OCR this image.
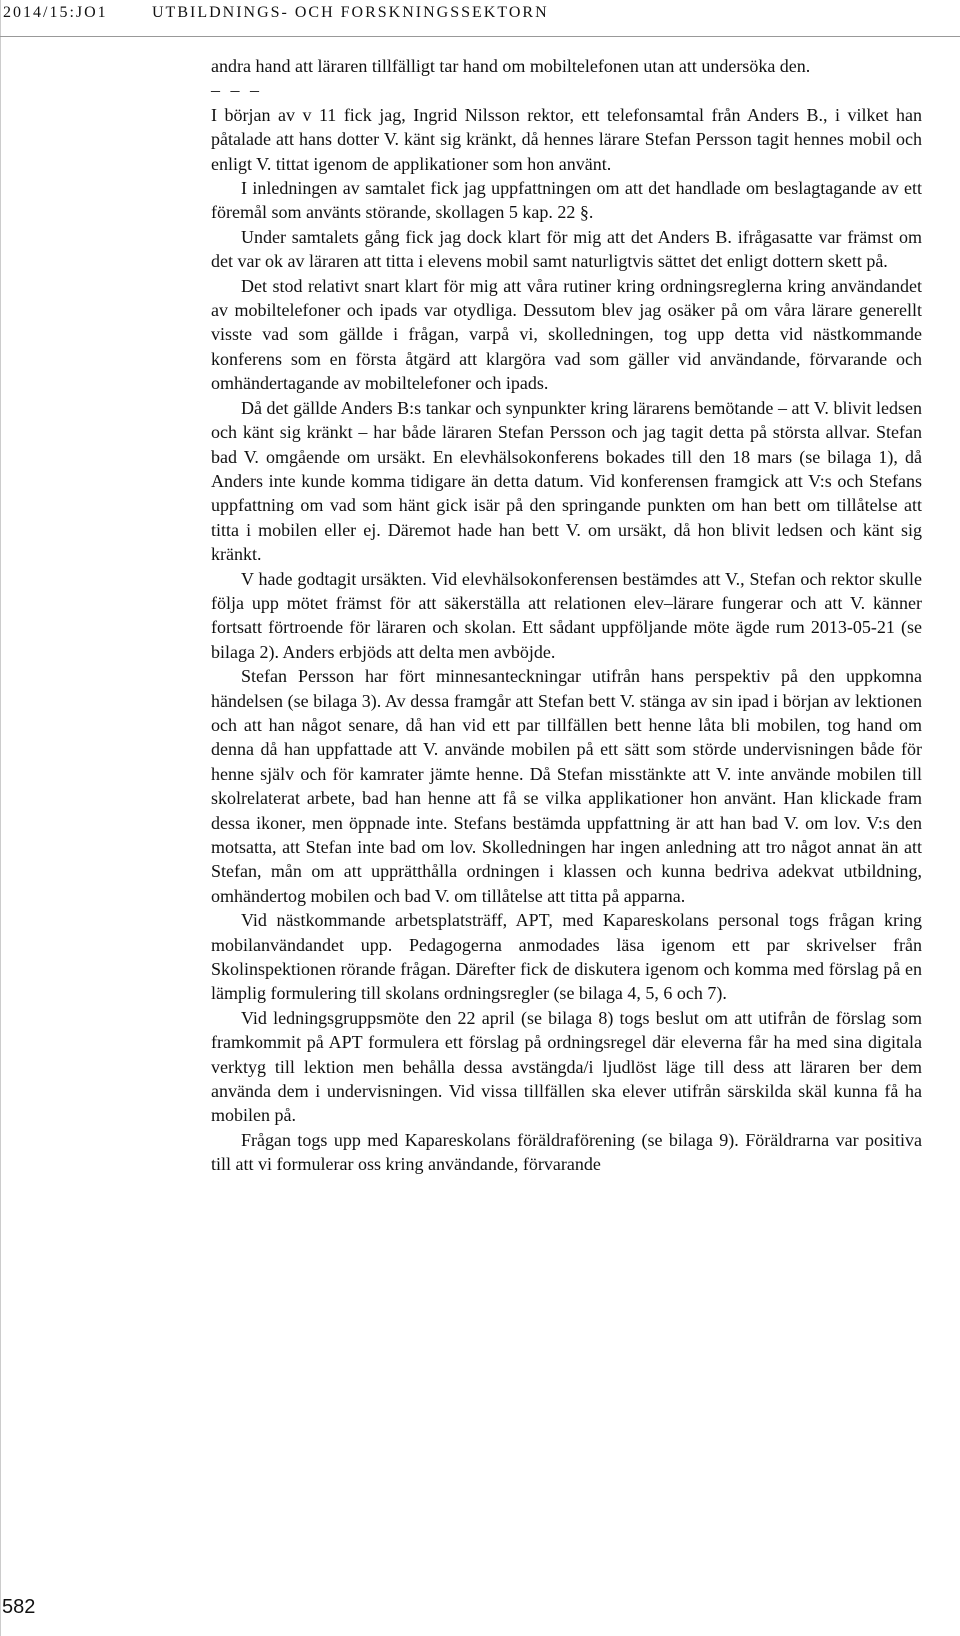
2014/15:JO1	UTBILDNINGS- OCH FORSKNINGSSEKTORN

andra hand att läraren tillfälligt tar hand om mobiltelefonen utan att undersöka den.

– – –

I början av v 11 fick jag, Ingrid Nilsson rektor, ett telefonsamtal från Anders B., i vilket han påtalade att hans dotter V. känt sig kränkt, då hennes lärare Stefan Persson tagit hennes mobil och enligt V. tittat igenom de applikationer som hon använt.

I inledningen av samtalet fick jag uppfattningen om att det handlade om beslagtagande av ett föremål som använts störande, skollagen 5 kap. 22 §.

Under samtalets gång fick jag dock klart för mig att det Anders B. ifrågasatte var främst om det var ok av läraren att titta i elevens mobil samt naturligtvis sättet det enligt dottern skett på.

Det stod relativt snart klart för mig att våra rutiner kring ordningsreglerna kring användandet av mobiltelefoner och ipads var otydliga. Dessutom blev jag osäker på om våra lärare generellt visste vad som gällde i frågan, varpå vi, skolledningen, tog upp detta vid nästkommande konferens som en första åtgärd att klargöra vad som gäller vid användande, förvarande och omhändertagande av mobiltelefoner och ipads.

Då det gällde Anders B:s tankar och synpunkter kring lärarens bemötande – att V. blivit ledsen och känt sig kränkt – har både läraren Stefan Persson och jag tagit detta på största allvar. Stefan bad V. omgående om ursäkt. En elevhälsokonferens bokades till den 18 mars (se bilaga 1), då Anders inte kunde komma tidigare än detta datum. Vid konferensen framgick att V:s och Stefans uppfattning om vad som hänt gick isär på den springande punkten om han bett om tillåtelse att titta i mobilen eller ej. Däremot hade han bett V. om ursäkt, då hon blivit ledsen och känt sig kränkt.

V hade godtagit ursäkten. Vid elevhälsokonferensen bestämdes att V., Stefan och rektor skulle följa upp mötet främst för att säkerställa att relationen elev–lärare fungerar och att V. känner fortsatt förtroende för läraren och skolan. Ett sådant uppföljande möte ägde rum 2013-05-21 (se bilaga 2). Anders erbjöds att delta men avböjde.

Stefan Persson har fört minnesanteckningar utifrån hans perspektiv på den uppkomna händelsen (se bilaga 3). Av dessa framgår att Stefan bett V. stänga av sin ipad i början av lektionen och att han något senare, då han vid ett par tillfällen bett henne låta bli mobilen, tog hand om denna då han uppfattade att V. använde mobilen på ett sätt som störde undervisningen både för henne själv och för kamrater jämte henne. Då Stefan misstänkte att V. inte använde mobilen till skolrelaterat arbete, bad han henne att få se vilka applikationer hon använt. Han klickade fram dessa ikoner, men öppnade inte. Stefans bestämda uppfattning är att han bad V. om lov. V:s den motsatta, att Stefan inte bad om lov. Skolledningen har ingen anledning att tro något annat än att Stefan, mån om att upprätthålla ordningen i klassen och kunna bedriva adekvat utbildning, omhändertog mobilen och bad V. om tillåtelse att titta på apparna.

Vid nästkommande arbetsplatsträff, APT, med Kapareskolans personal togs frågan kring mobilanvändandet upp. Pedagogerna anmodades läsa igenom ett par skrivelser från Skolinspektionen rörande frågan. Därefter fick de diskutera igenom och komma med förslag på en lämplig formulering till skolans ordningsregler (se bilaga 4, 5, 6 och 7).

Vid ledningsgruppsmöte den 22 april (se bilaga 8) togs beslut om att utifrån de förslag som framkommit på APT formulera ett förslag på ordningsregel där eleverna får ha med sina digitala verktyg till lektion men behålla dessa avstängda/i ljudlöst läge till dess att läraren ber dem använda dem i undervisningen. Vid vissa tillfällen ska elever utifrån särskilda skäl kunna få ha mobilen på.

Frågan togs upp med Kapareskolans föräldraförening (se bilaga 9). Föräldrarna var positiva till att vi formulerar oss kring användande, förvarande

582
